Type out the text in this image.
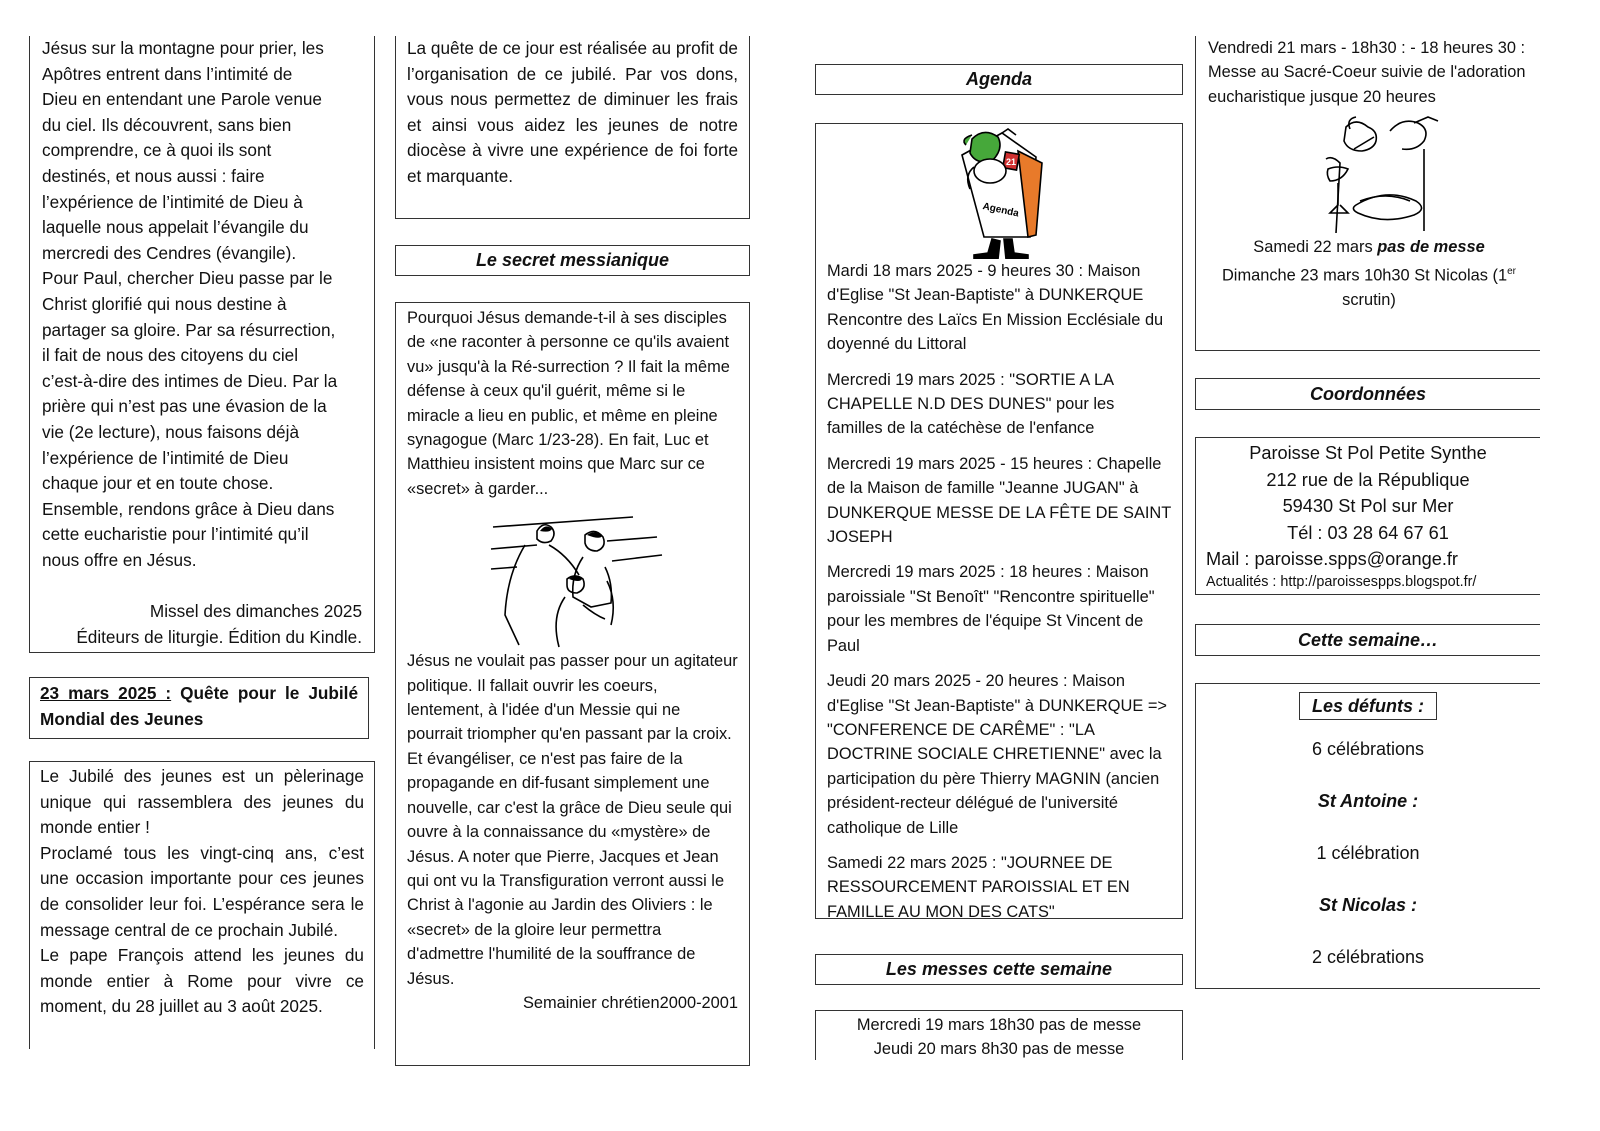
Jésus sur la montagne pour prier, les

Apôtres entrent dans l’intimité de

Dieu en entendant une Parole venue

du ciel. Ils découvrent, sans bien

comprendre, ce à quoi ils sont

destinés, et nous aussi : faire

l’expérience de l’intimité de Dieu à

laquelle nous appelait l’évangile du

mercredi des Cendres (évangile).

Pour Paul, chercher Dieu passe par le

Christ glorifié qui nous destine à

partager sa gloire. Par sa résurrection,

il fait de nous des citoyens du ciel

c’est-à-dire des intimes de Dieu. Par la

prière qui n’est pas une évasion de la

vie (2e lecture), nous faisons déjà

l’expérience de l’intimité de Dieu

chaque jour et en toute chose.

Ensemble, rendons grâce à Dieu dans

cette eucharistie pour l’intimité qu’il

nous offre en Jésus.

Missel des dimanches 2025

Éditeurs de liturgie. Édition du Kindle.

23 mars 2025 : Quête pour le Jubilé Mondial des Jeunes

Le Jubilé des jeunes est un pèlerinage unique qui rassemblera des jeunes du monde entier !

Proclamé tous les vingt-cinq ans, c’est une occasion importante pour ces jeunes de consolider leur foi. L’espérance sera le message central de ce prochain Jubilé.

Le pape François attend les jeunes du monde entier à Rome pour vivre ce moment, du 28 juillet au 3 août 2025.

La quête de ce jour est réalisée au profit de l’organisation de ce jubilé. Par vos dons, vous nous permettez de diminuer les frais et ainsi vous aidez les jeunes de notre diocèse à vivre une expérience de foi forte et marquante.

Le secret messianique

Pourquoi Jésus demande-t-il à ses disciples de «ne raconter à personne ce qu'ils avaient vu» jusqu'à la Ré-surrection ? Il fait la même défense à ceux qu'il guérit, même si le miracle a lieu en public, et même en pleine synagogue (Marc 1/23-28). En fait, Luc et Matthieu insistent moins que Marc sur ce «secret» à garder...

Jésus ne voulait pas passer pour un agitateur politique. Il fallait ouvrir les coeurs, lentement, à l'idée d'un Messie qui ne pourrait triompher qu'en passant par la croix. Et évangéliser, ce n'est pas faire de la propagande en dif-fusant simplement une nouvelle, car c'est la grâce de Dieu seule qui ouvre à la connaissance du «mystère» de Jésus. A noter que Pierre, Jacques et Jean qui ont vu la Transfiguration verront aussi le Christ à l'agonie au Jardin des Oliviers : le «secret» de la gloire leur permettra d'admettre l'humilité de la souffrance de Jésus.

Semainier chrétien2000-2001

Agenda
21
Agenda

Mardi 18 mars 2025 - 9 heures 30 : Maison d'Eglise "St Jean-Baptiste" à DUNKERQUE Rencontre des Laïcs En Mission Ecclésiale du doyenné du Littoral

Mercredi 19 mars 2025 : "SORTIE A LA CHAPELLE N.D DES DUNES" pour les familles de la catéchèse de l'enfance

Mercredi 19 mars 2025 - 15 heures : Chapelle de la Maison de famille "Jeanne JUGAN" à DUNKERQUE MESSE DE LA FÊTE DE SAINT JOSEPH

Mercredi 19 mars 2025 : 18 heures : Maison paroissiale "St Benoît" "Rencontre spirituelle" pour les membres de l'équipe St Vincent de Paul

Jeudi 20 mars 2025 - 20 heures : Maison d'Eglise "St Jean-Baptiste" à DUNKERQUE => "CONFERENCE DE CARÊME" : "LA DOCTRINE SOCIALE CHRETIENNE" avec la participation du père Thierry MAGNIN (ancien président-recteur délégué de l'université catholique de Lille

Samedi 22 mars 2025 : "JOURNEE DE RESSOURCEMENT PAROISSIAL ET EN FAMILLE AU MON DES CATS"

Les messes cette semaine

Mercredi 19 mars 18h30 pas de messe

Jeudi 20 mars 8h30 pas de messe

Vendredi 21 mars - 18h30 : - 18 heures 30 : Messe au Sacré-Coeur suivie de l'adoration eucharistique jusque 20 heures

Samedi 22 mars pas de messe

Dimanche 23 mars 10h30 St Nicolas (1er scrutin)

Coordonnées

Paroisse St Pol Petite Synthe

212 rue de la République

59430 St Pol sur Mer

Tél : 03 28 64 67 61

Mail : paroisse.spps@orange.fr

Actualités : http://paroissespps.blogspot.fr/

Cette semaine…
Les défunts :

6 célébrations

St Antoine :

1 célébration

St Nicolas :

2 célébrations
